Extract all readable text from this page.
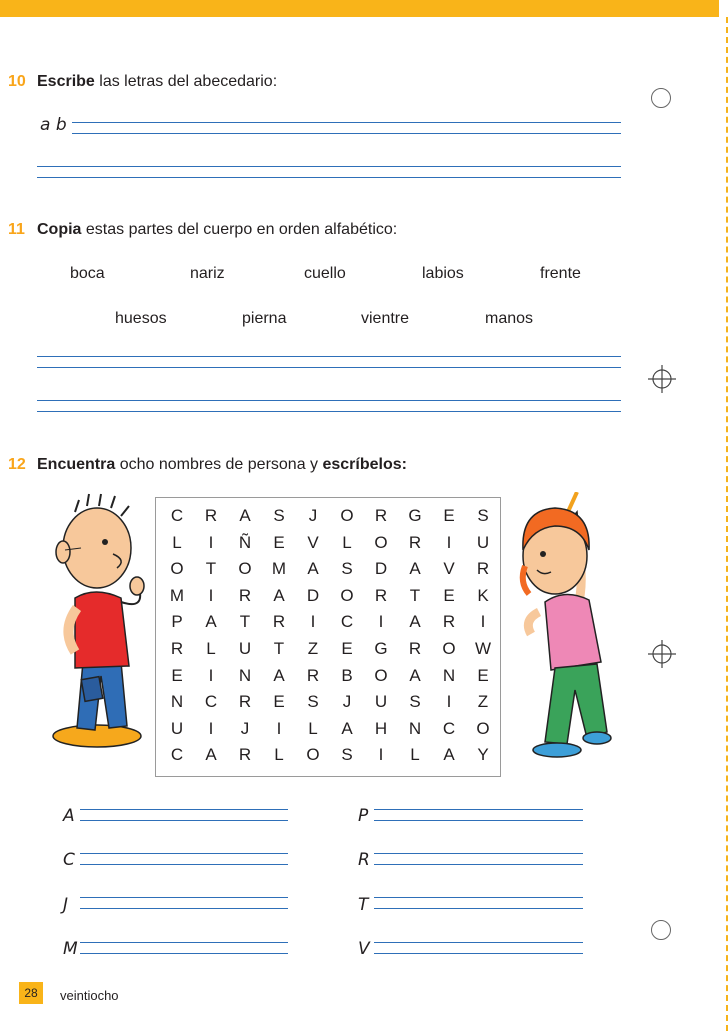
10 Escribe las letras del abecedario:
a b
11 Copia estas partes del cuerpo en orden alfabético:
boca	nariz	cuello	labios	frente
huesos	pierna	vientre	manos
12 Encuentra ocho nombres de persona y escríbelos:
C	R	A	S	J	O	R	G	E	S
L	I	Ñ	E	V	L	O	R	I	U
O	T	O	M	A	S	D	A	V	R
M	I	R	A	D	O	R	T	E	K
P	A	T	R	I	C	I	A	R	I
R	L	U	T	Z	E	G	R	O	W
E	I	N	A	R	B	O	A	N	E
N	C	R	E	S	J	U	S	I	Z
U	I	J	I	L	A	H	N	C	O
C	A	R	L	O	S	I	L	A	Y
A
C
J
M
P
R
T
V
28	veintiocho
